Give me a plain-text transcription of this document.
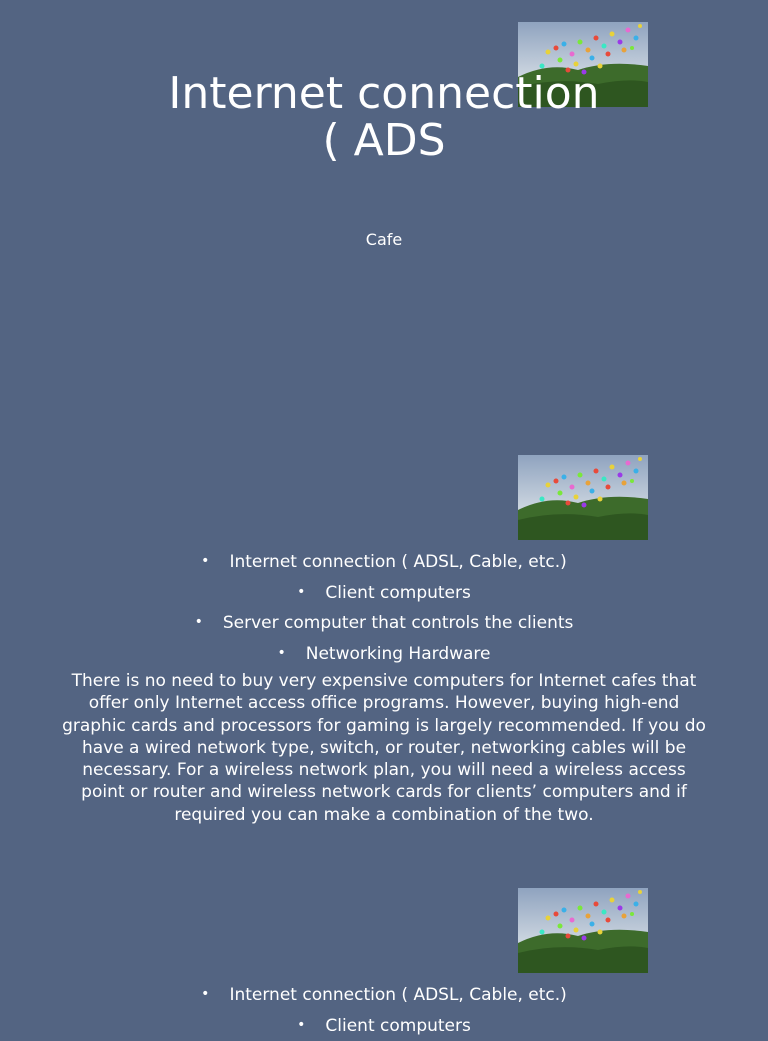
Internet connection
( ADS
Cafe
• Internet connection ( ADSL, Cable, etc.)
• Client computers
• Server computer that controls the clients
• Networking Hardware

There is no need to buy very expensive computers for Internet cafes that offer only Internet access office programs. However, buying high-end graphic cards and processors for gaming is largely recommended. If you do have a wired network type, switch, or router, networking cables will be necessary. For a wireless network plan, you will need a wireless access point or router and wireless network cards for clients’ computers and if required you can make a combination of the two.

• Internet connection ( ADSL, Cable, etc.)
• Client computers
